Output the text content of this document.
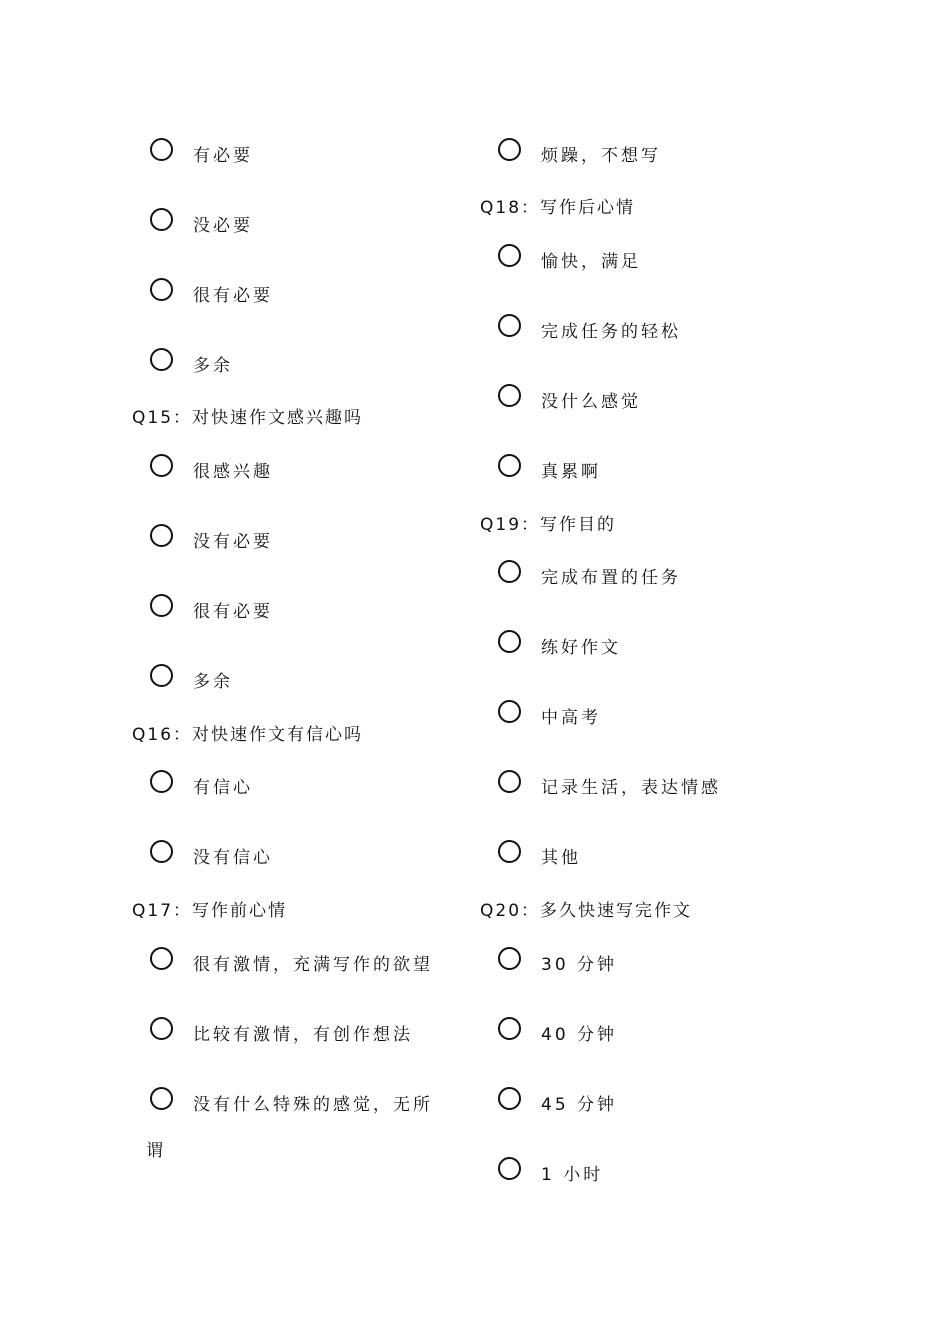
有必要
没必要
很有必要
多余
Q15：对快速作文感兴趣吗
很感兴趣
没有必要
很有必要
多余
Q16：对快速作文有信心吗
有信心
没有信心
Q17：写作前心情
很有激情，充满写作的欲望
比较有激情，有创作想法
没有什么特殊的感觉，无所
谓
烦躁，不想写
Q18：写作后心情
愉快，满足
完成任务的轻松
没什么感觉
真累啊
Q19：写作目的
完成布置的任务
练好作文
中高考
记录生活，表达情感
其他
Q20：多久快速写完作文
30 分钟
40 分钟
45 分钟
1 小时
